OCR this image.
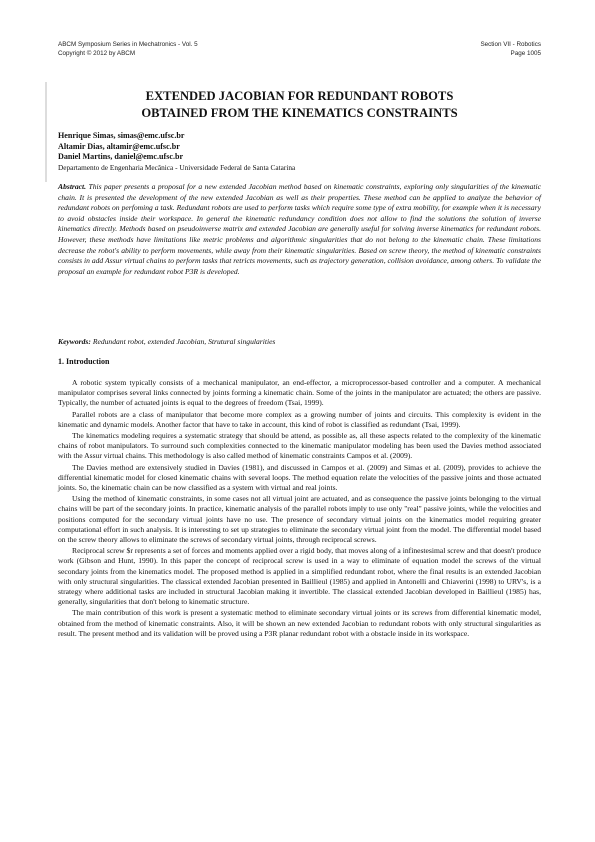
ABCM Symposium Series in Mechatronics - Vol. 5
Copyright © 2012 by ABCM
Section VII - Robotics
Page 1005
EXTENDED JACOBIAN FOR REDUNDANT ROBOTS
OBTAINED FROM THE KINEMATICS CONSTRAINTS
Henrique Simas, simas@emc.ufsc.br
Altamir Dias, altamir@emc.ufsc.br
Daniel Martins, daniel@emc.ufsc.br
Departamento de Engenharia Mecânica - Universidade Federal de Santa Catarina
Abstract. This paper presents a proposal for a new extended Jacobian method based on kinematic constraints, exploring only singularities of the kinematic chain. It is presented the development of the new extended Jacobian as well as their properties. These method can be applied to analyze the behavior of redundant robots on perfoming a task. Redundant robots are used to perform tasks which require some type of extra mobility, for example when it is necessary to avoid obstacles inside their workspace. In general the kinematic redundancy condition does not allow to find the solutions the solution of inverse kinematics directly. Methods based on pseudoinverse matrix and extended Jacobian are generally useful for solving inverse kinematics for redundant robots. However, these methods have limitations like metric problems and algorithmic singularities that do not belong to the kinematic chain. These limitations decrease the robot's ability to perform movements, while away from their kinematic singularities. Based on screw theory, the method of kinematic constraints consists in add Assur virtual chains to perform tasks that retricts movements, such as trajectory generation, collision avoidance, among others. To validate the proposal an example for redundant robot P3R is developed.
Keywords: Redundant robot, extended Jacobian, Strutural singularities
1. Introduction

A robotic system typically consists of a mechanical manipulator, an end-effector, a microprocessor-based controller and a computer. A mechanical manipulator comprises several links connected by joints forming a kinematic chain. Some of the joints in the manipulator are actuated; the others are passive. Typically, the number of actuated joints is equal to the degrees of freedom (Tsai, 1999).

Parallel robots are a class of manipulator that become more complex as a growing number of joints and circuits. This complexity is evident in the kinematic and dynamic models. Another factor that have to take in account, this kind of robot is classified as redundant (Tsai, 1999).

The kinematics modeling requires a systematic strategy that should be attend, as possible as, all these aspects related to the complexity of the kinematic chains of robot manipulators. To surround such complexities connected to the kinematic manipulator modeling has been used the Davies method associated with the Assur virtual chains. This methodology is also called method of kinematic constraints Campos et al. (2009).

The Davies method are extensively studied in Davies (1981), and discussed in Campos et al. (2009) and Simas et al. (2009), provides to achieve the differential kinematic model for closed kinematic chains with several loops. The method equation relate the velocities of the passive joints and those actuated joints. So, the kinematic chain can be now classified as a system with virtual and real joints.

Using the method of kinematic constraints, in some cases not all virtual joint are actuated, and as consequence the passive joints belonging to the virtual chains will be part of the secondary joints. In practice, kinematic analysis of the parallel robots imply to use only "real" passive joints, while the velocities and positions computed for the secondary virtual joints have no use. The presence of secondary virtual joints on the kinematics model requiring greater computational effort in such analysis. It is interesting to set up strategies to eliminate the secondary virtual joint from the model. The differential model based on the screw theory allows to eliminate the screws of secondary virtual joints, through reciprocal screws.

Reciprocal screw $r represents a set of forces and moments applied over a rigid body, that moves along of a infinestesimal screw and that doesn't produce work (Gibson and Hunt, 1990). In this paper the concept of reciprocal screw is used in a way to eliminate of equation model the screws of the virtual secondary joints from the kinematics model. The proposed method is applied in a simplified redundant robot, where the final results is an extended Jacobian with only structural singularities. The classical extended Jacobian presented in Baillieul (1985) and applied in Antonelli and Chiaverini (1998) to URV's, is a strategy where additional tasks are included in structural Jacobian making it invertible. The classical extended Jacobian developed in Baillieul (1985) has, generally, singularities that don't belong to kinematic structure.

The main contribution of this work is present a systematic method to eliminate secondary virtual joints or its screws from differential kinematic model, obtained from the method of kinematic constraints. Also, it will be shown an new extended Jacobian to redundant robots with only structural singularities as result. The present method and its validation will be proved using a P3R planar redundant robot with a obstacle inside in its workspace.
